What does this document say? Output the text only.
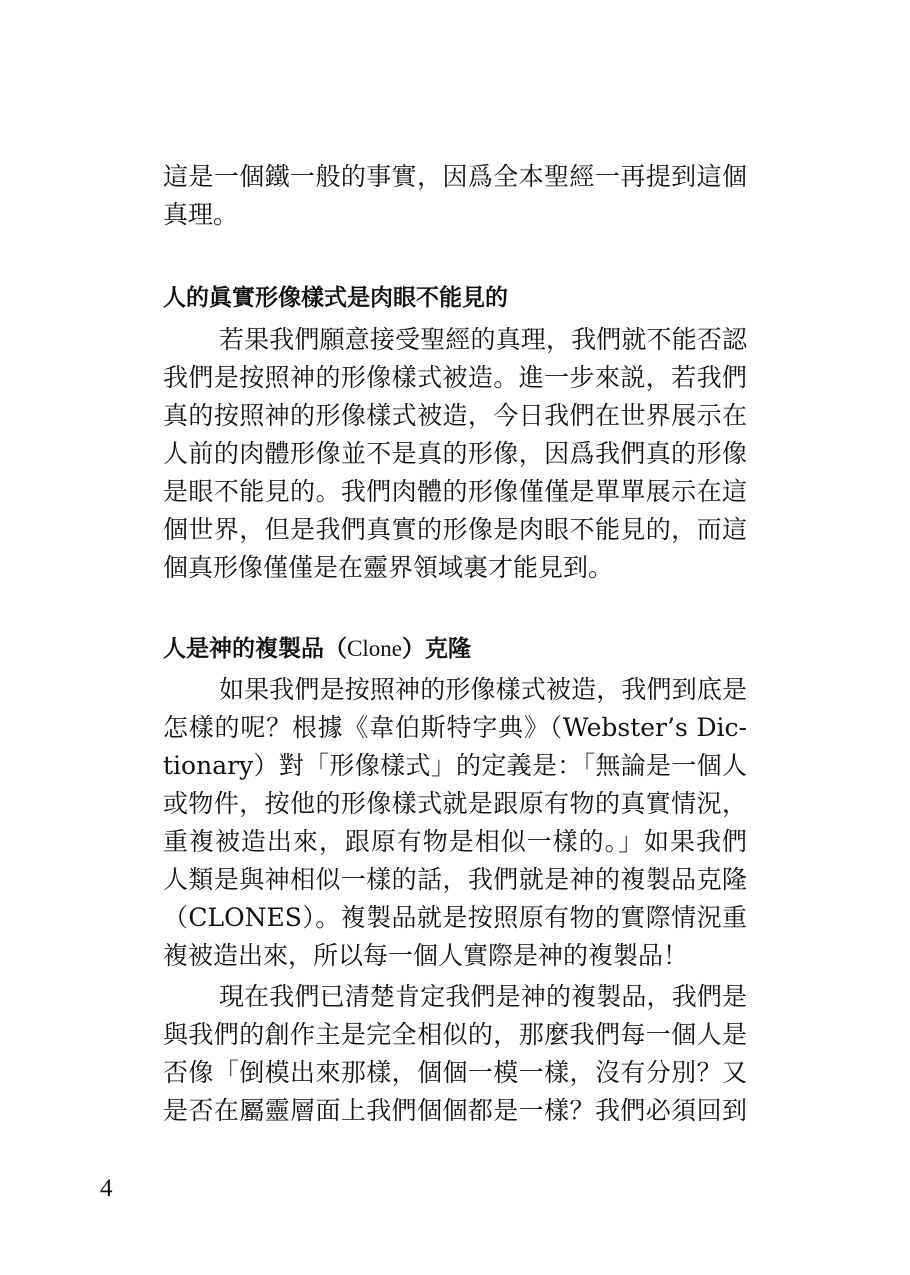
這是一個鐵一般的事實，因爲全本聖經一再提到這個
真理。
人的眞實形像樣式是肉眼不能見的
若果我們願意接受聖經的真理，我們就不能否認
我們是按照神的形像樣式被造。進一步來説，若我們
真的按照神的形像樣式被造，今日我們在世界展示在
人前的肉體形像並不是真的形像，因爲我們真的形像
是眼不能見的。我們肉體的形像僅僅是單單展示在這
個世界，但是我們真實的形像是肉眼不能見的，而這
個真形像僅僅是在靈界領域裏才能見到。
人是神的複製品（Clone）克隆
如果我們是按照神的形像樣式被造，我們到底是
怎樣的呢？根據《韋伯斯特字典》（Webster’s Dic-
tionary）對「形像樣式」的定義是：「無論是一個人
或物件，按他的形像樣式就是跟原有物的真實情況，
重複被造出來，跟原有物是相似一樣的。」如果我們
人類是與神相似一樣的話，我們就是神的複製品克隆
（CLONES）。複製品就是按照原有物的實際情況重
複被造出來，所以每一個人實際是神的複製品！
現在我們已清楚肯定我們是神的複製品，我們是
與我們的創作主是完全相似的，那麼我們每一個人是
否像「倒模出來那樣，個個一模一樣，沒有分別？又
是否在屬靈層面上我們個個都是一樣？我們必須回到
4
